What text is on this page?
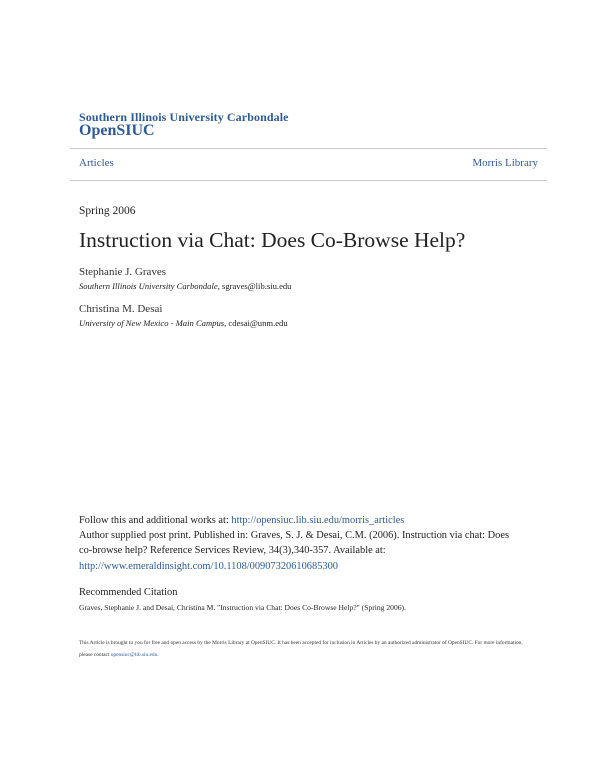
Southern Illinois University Carbondale

OpenSIUC

Articles	Morris Library

Spring 2006

Instruction via Chat: Does Co-Browse Help?

Stephanie J. Graves

Southern Illinois University Carbondale, sgraves@lib.siu.edu

Christina M. Desai

University of New Mexico - Main Campus, cdesai@unm.edu

Follow this and additional works at: http://opensiuc.lib.siu.edu/morris_articles
Author supplied post print. Published in: Graves, S. J. & Desai, C.M. (2006). Instruction via chat: Does co-browse help? Reference Services Review, 34(3),340-357. Available at:
http://www.emeraldinsight.com/10.1108/00907320610685300

Recommended Citation

Graves, Stephanie J. and Desai, Christina M. "Instruction via Chat: Does Co-Browse Help?" (Spring 2006).

This Article is brought to you for free and open access by the Morris Library at OpenSIUC. It has been accepted for inclusion in Articles by an authorized administrator of OpenSIUC. For more information, please contact opensiuc@lib.siu.edu.
